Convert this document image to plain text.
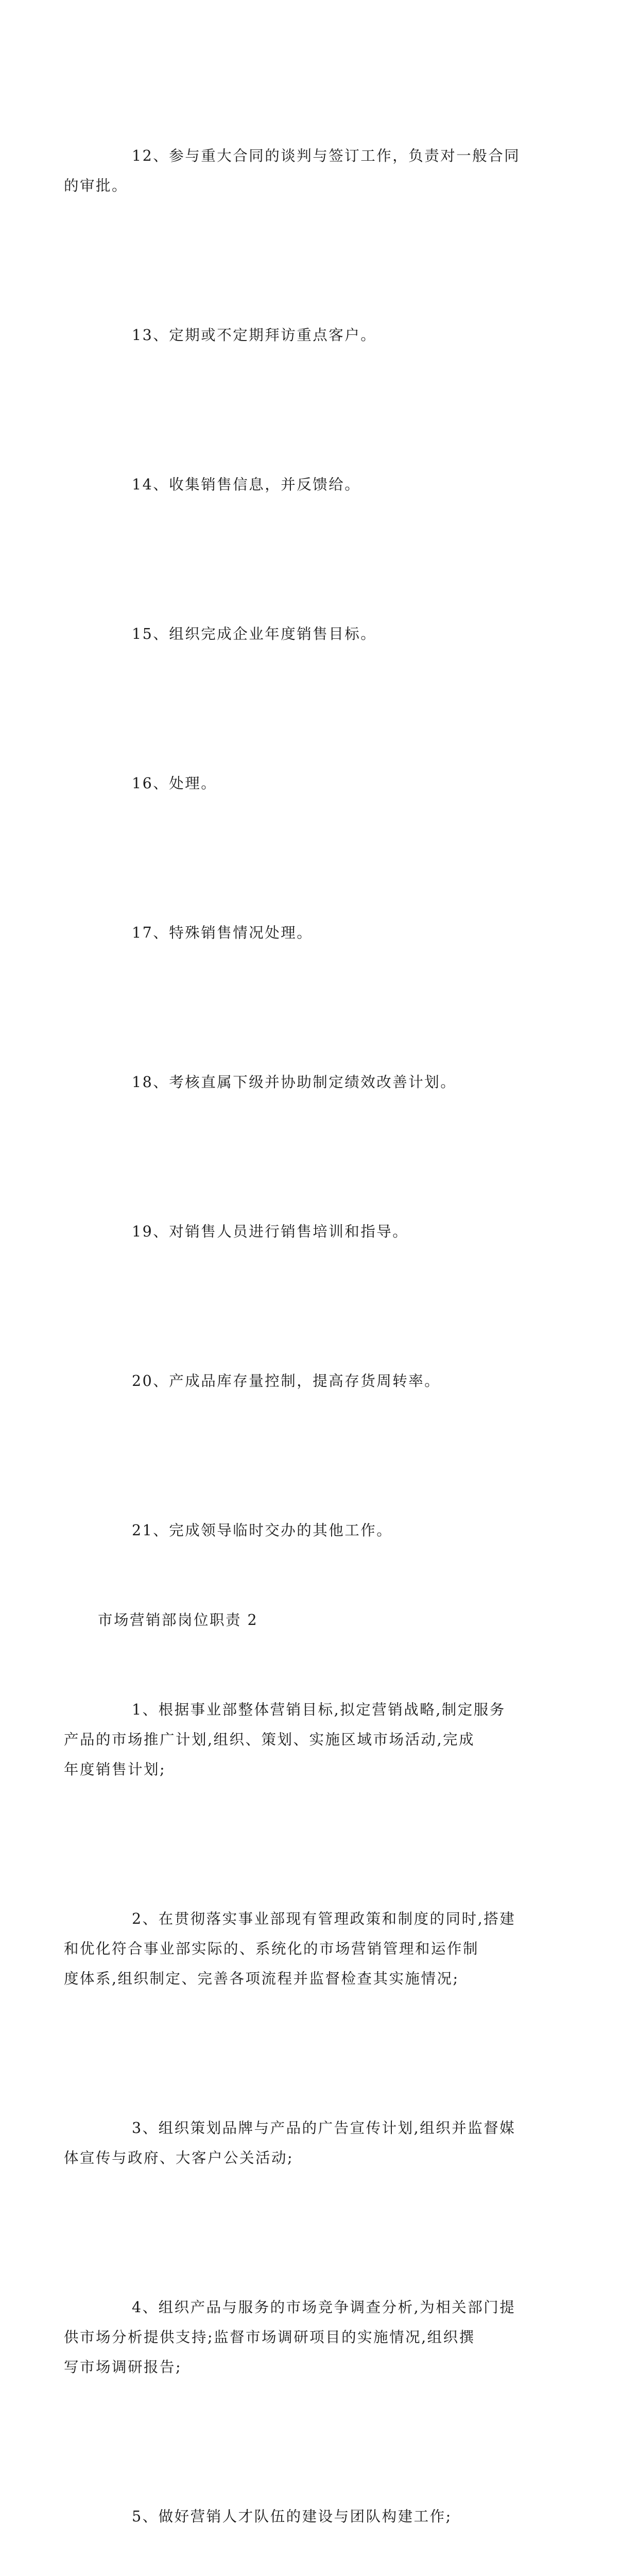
12、参与重大合同的谈判与签订工作，负责对一般合同
的审批。

13、定期或不定期拜访重点客户。

14、收集销售信息，并反馈给。

15、组织完成企业年度销售目标。

16、处理。

17、特殊销售情况处理。

18、考核直属下级并协助制定绩效改善计划。

19、对销售人员进行销售培训和指导。

20、产成品库存量控制，提高存货周转率。

21、完成领导临时交办的其他工作。

市场营销部岗位职责 2

1、根据事业部整体营销目标,拟定营销战略,制定服务
产品的市场推广计划,组织、策划、实施区域市场活动,完成
年度销售计划;

2、在贯彻落实事业部现有管理政策和制度的同时,搭建
和优化符合事业部实际的、系统化的市场营销管理和运作制
度体系,组织制定、完善各项流程并监督检查其实施情况;

3、组织策划品牌与产品的广告宣传计划,组织并监督媒
体宣传与政府、大客户公关活动;

4、组织产品与服务的市场竞争调查分析,为相关部门提
供市场分析提供支持;监督市场调研项目的实施情况,组织撰
写市场调研报告;

5、做好营销人才队伍的建设与团队构建工作;
